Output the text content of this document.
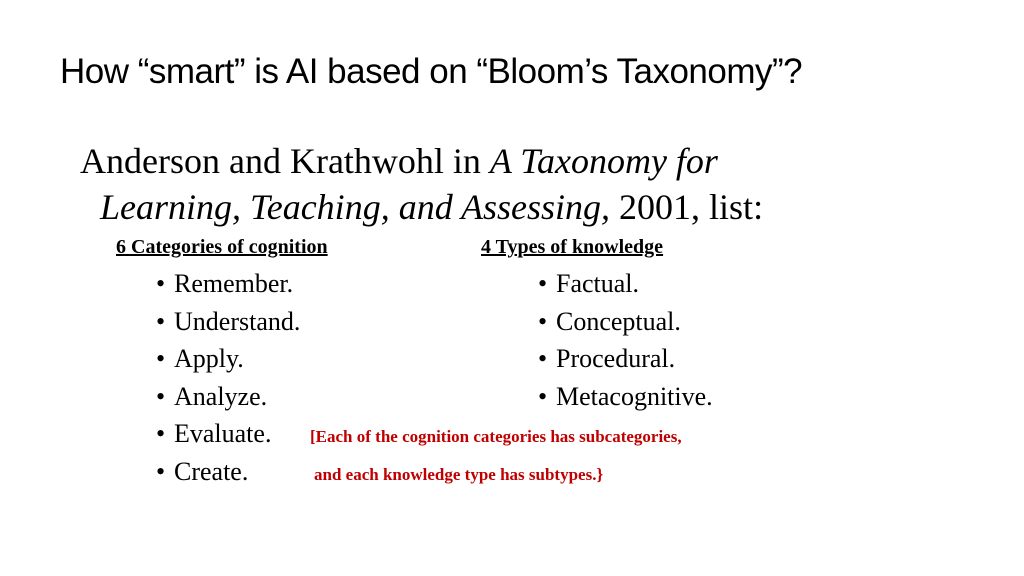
How “smart” is AI based on “Bloom’s Taxonomy”?
Anderson and Krathwohl in A Taxonomy for
Learning, Teaching, and Assessing, 2001, list:
6 Categories of cognition	4 Types of knowledge
• Remember.
• Understand.
• Apply.
• Analyze.
• Evaluate.
• Create.
• Factual.
• Conceptual.
• Procedural.
• Metacognitive.
[Each of the cognition categories has subcategories,
and each knowledge type has subtypes.}
